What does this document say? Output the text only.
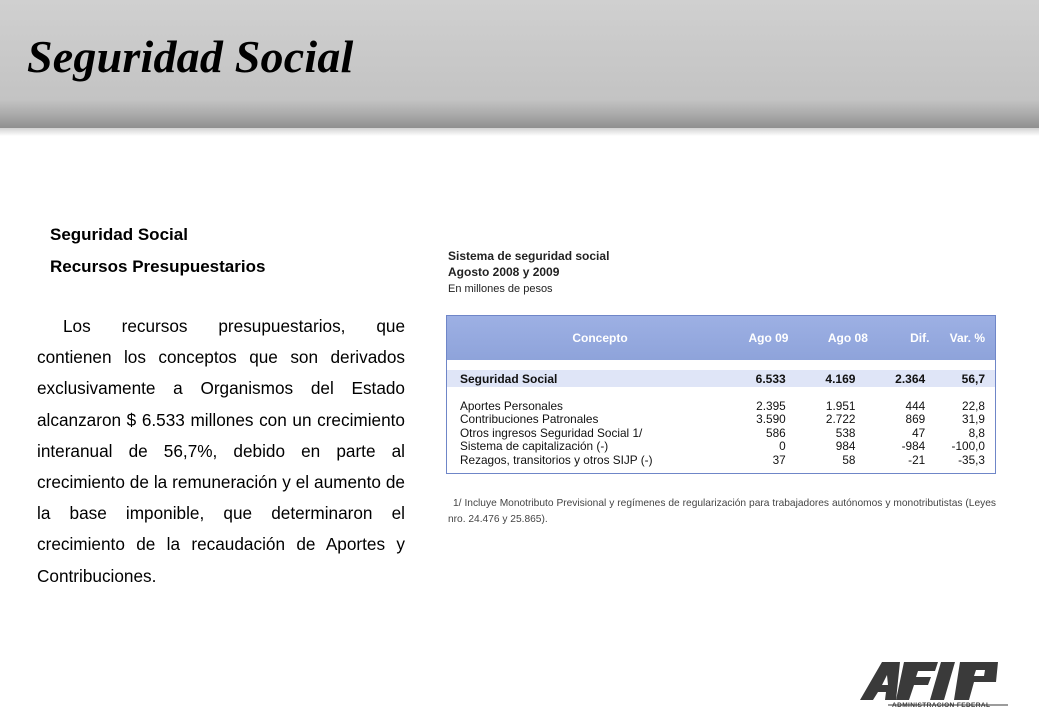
Seguridad Social
Seguridad Social
Recursos Presupuestarios

Los recursos presupuestarios, que contienen los conceptos que son derivados exclusivamente a Organismos del Estado alcanzaron $ 6.533 millones con un crecimiento interanual de 56,7%, debido en parte al crecimiento de la remuneración y el aumento de la base imponible, que determinaron el crecimiento de la recaudación de Aportes y Contribuciones.

Sistema de seguridad social
Agosto 2008 y 2009
En millones de pesos
Concepto	Ago 09	Ago 08	Dif.	Var. %
Seguridad Social	6.533	4.169	2.364	56,7
Aportes Personales	2.395	1.951	444	22,8
Contribuciones Patronales	3.590	2.722	869	31,9
Otros ingresos Seguridad Social 1/	586	538	47	8,8
Sistema de capitalización (-)	0	984	-984	-100,0
Rezagos, transitorios y otros SIJP (-)	37	58	-21	-35,3

1/ Incluye Monotributo Previsional y regímenes de regularización para trabajadores autónomos y monotributistas (Leyes nro. 24.476 y 25.865).

ADMINISTRACION FEDERAL
